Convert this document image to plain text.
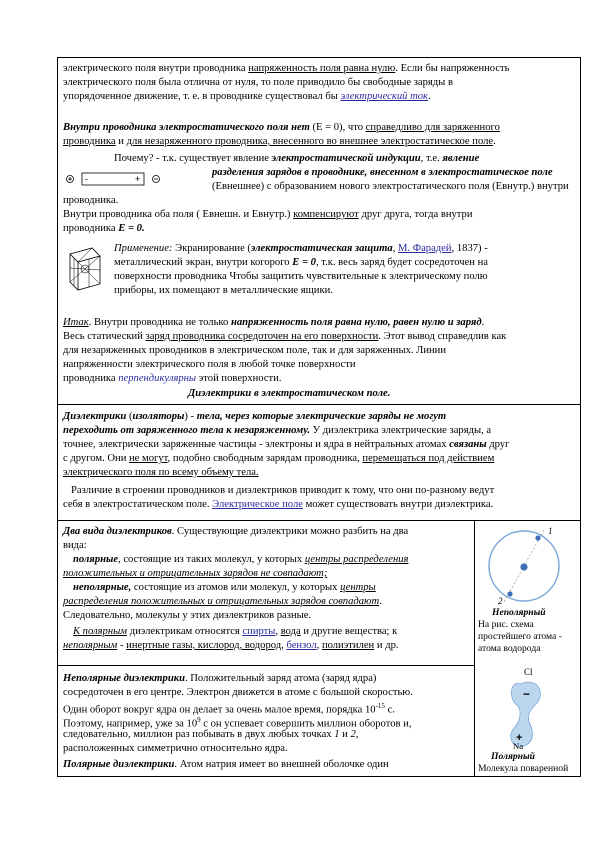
электрического поля внутри проводника напряженность поля равна нулю. Если бы напряженность
электрического поля была отлична от нуля, то поле приводило бы свободные заряды в
упорядоченное движение, т. е. в проводнике существовал бы электрический ток.
Внутри проводника электростатического поля нет (E = 0), что справедливо для заряженного
проводника и для незаряженного проводника, внесенного во внешнее электростатическое поле.
Почему? - т.к. существует явление электростатической индукции, т.е. явление
-	+
разделения зарядов в проводнике, внесенном в электростатическое поле
(Евнешнее) с образованием нового электростатического поля (Евнутр.) внутри
проводника.
Внутри проводника оба поля ( Евнешн. и Евнутр.) компенсируют друг друга, тогда внутри
проводника E = 0.
Применение: Экранирование (электростатическая защита, М. Фарадей, 1837) -
металлический экран, внутри когорого E = 0, т.к. весь заряд будет сосредоточен на
поверхности проводника Чтобы защитить чувствительные к электрическому полю
приборы, их помещают в металлические ящики.
Итак. Внутри проводника не только напряженность поля равна нулю, равен нулю и заряд.
Весь статический заряд проводника сосредоточен на его поверхности. Этот вывод справедлив как
для незаряженных проводников в электрическом поле, так и для заряженных. Линии
напряженности электрического поля в любой точке поверхности
проводника перпендикулярны этой поверхности.
Диэлектрики в электростатическом поле.
Диэлектрики (изоляторы) - тела, через которые электрические заряды не могут
переходить от заряженного тела к незаряженному. У диэлектрика электрические заряды, а
точнее, электрически заряженные частицы - электроны и ядра в нейтральных атомах связаны друг
с другом. Они не могут, подобно свободным зарядам проводника, перемещаться под действием
электрического поля по всему объему тела.
Различие в строении проводников и диэлектриков приводит к тому, что они по-разному ведут
себя в электростатическом поле. Электрическое поле может существовать внутри диэлектрика.
Два вида диэлектриков. Существующие диэлектрики можно разбить на два
вида:
полярные, состоящие из таких молекул, у которых центры распределения
положительных и отрицательных зарядов не совпадают;
неполярные, состоящие из атомов или молекул, у которых центры
распределения положительных и отрицательных зарядов совпадают.
Следовательно, молекулы у этих диэлектриков разные.
К полярным диэлектрикам относятся спирты, вода и другие вещества; к
неполярным - инертные газы, кислород, водород, бензол, полиэтилен и др.
Неполярные диэлектрики. Положительный заряд атома (заряд ядра)
сосредоточен в его центре. Электрон движется в атоме с большой скоростью.
Один оборот вокруг ядра он делает за очень малое время, порядка $10^{-15}$ с.
Поэтому, например, уже за $10^9$ с он успевает совершить миллион оборотов и,
следовательно, миллион раз побывать в двух любых точках 1 и 2,
расположенных симметрично относительно ядра.
Полярные диэлектрики. Атом натрия имеет во внешней оболочке один
1
2
Неполярный
На рис. схема
простейшего атома -
атома водорода
Cl
−
+
Na
Полярный
Молекула поваренной
